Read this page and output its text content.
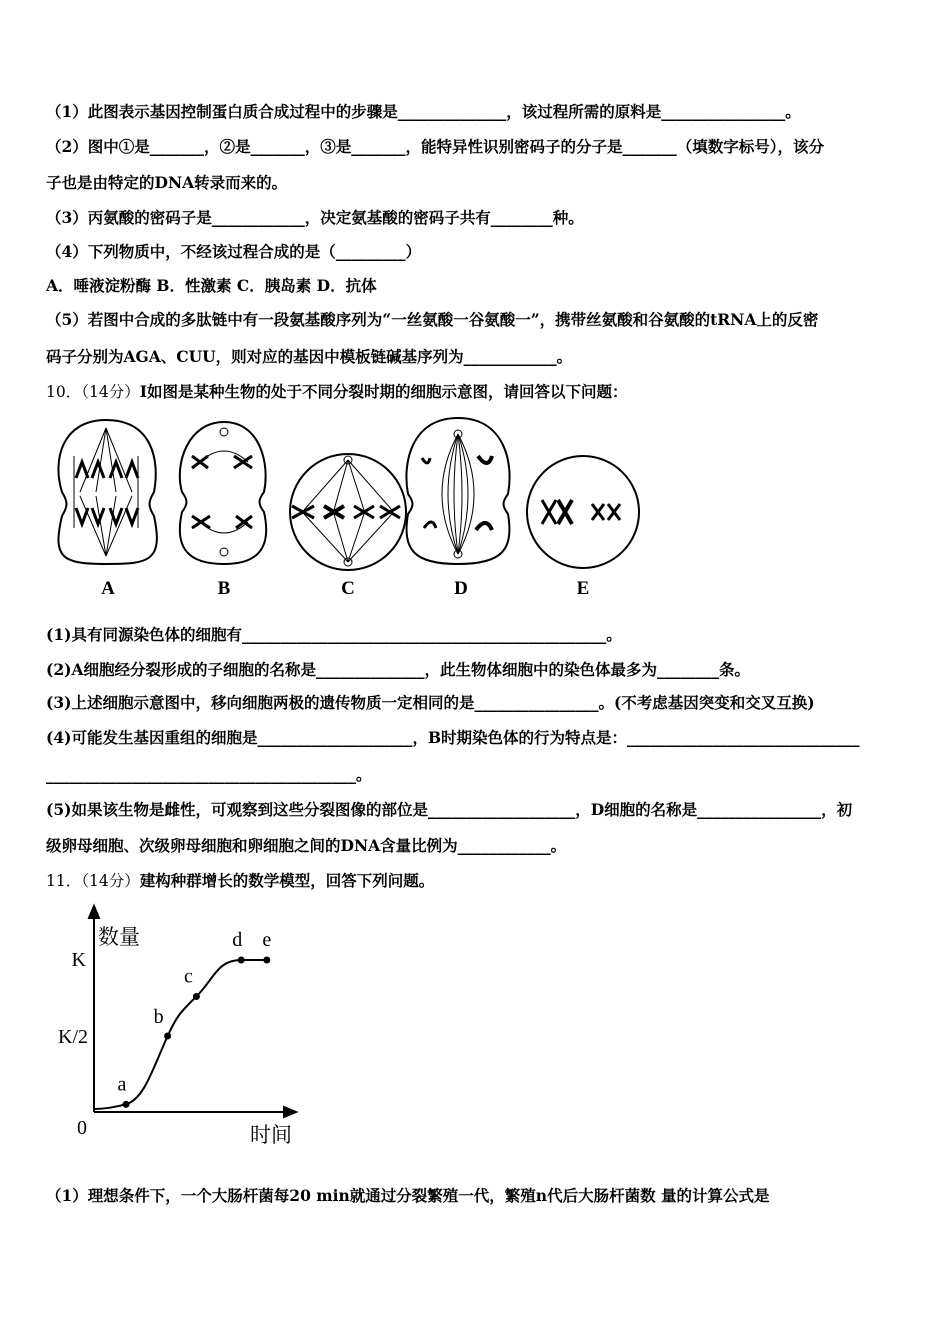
（1）此图表示基因控制蛋白质合成过程中的步骤是______________，该过程所需的原料是________________。
（2）图中①是_______，②是_______，③是_______，能特异性识别密码子的分子是_______（填数字标号），该分
子也是由特定的DNA转录而来的。
（3）丙氨酸的密码子是____________，决定氨基酸的密码子共有________种。
（4）下列物质中，不经该过程合成的是（_________）
A．唾液淀粉酶 B．性激素 C．胰岛素 D．抗体
（5）若图中合成的多肽链中有一段氨基酸序列为“一丝氨酸一谷氨酸一”，携带丝氨酸和谷氨酸的tRNA上的反密
码子分别为AGA、CUU，则对应的基因中模板链碱基序列为____________。
10．（14分）I如图是某种生物的处于不同分裂时期的细胞示意图，请回答以下问题：
A	B	C	D	E
(1)具有同源染色体的细胞有_______________________________________________。
(2)A细胞经分裂形成的子细胞的名称是______________，此生物体细胞中的染色体最多为________条。
(3)上述细胞示意图中，移向细胞两极的遗传物质一定相同的是________________。(不考虑基因突变和交叉互换)
(4)可能发生基因重组的细胞是____________________，B时期染色体的行为特点是：______________________________
________________________________________。
(5)如果该生物是雌性，可观察到这些分裂图像的部位是___________________，D细胞的名称是________________，初
级卵母细胞、次级卵母细胞和卵细胞之间的DNA含量比例为____________。
11．（14分）建构种群增长的数学模型，回答下列问题。
a
b
c
d e
数量
时间
K
K/2
0
（1）理想条件下，一个大肠杆菌每20 min就通过分裂繁殖一代，繁殖n代后大肠杆菌数 量的计算公式是
